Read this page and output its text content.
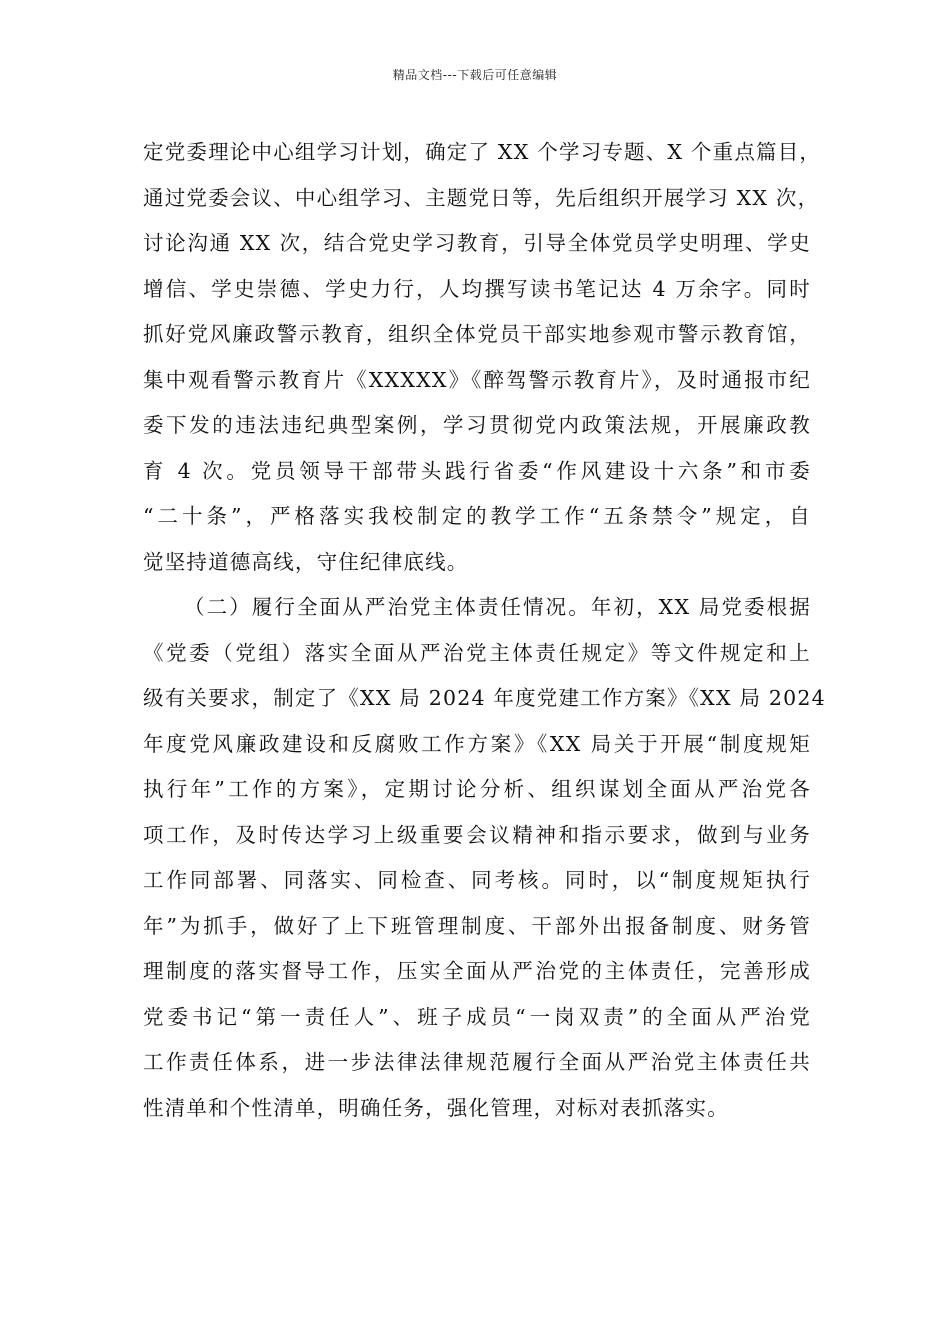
精品文档---下载后可任意编辑
定党委理论中心组学习计划，确定了 XX 个学习专题、X 个重点篇目，
通过党委会议、中心组学习、主题党日等，先后组织开展学习 XX 次，
讨论沟通 XX 次，结合党史学习教育，引导全体党员学史明理、学史
增信、学史崇德、学史力行，人均撰写读书笔记达 4 万余字。同时
抓好党风廉政警示教育，组织全体党员干部实地参观市警示教育馆，
集中观看警示教育片《XXXXX》《醉驾警示教育片》，及时通报市纪
委下发的违法违纪典型案例，学习贯彻党内政策法规，开展廉政教
育 4 次。党员领导干部带头践行省委“作风建设十六条”和市委
“二十条”，严格落实我校制定的教学工作“五条禁令”规定，自
觉坚持道德高线，守住纪律底线。
（二）履行全面从严治党主体责任情况。年初，XX 局党委根据
《党委（党组）落实全面从严治党主体责任规定》等文件规定和上
级有关要求，制定了《XX 局 2024 年度党建工作方案》《XX 局 2024
年度党风廉政建设和反腐败工作方案》《XX 局关于开展“制度规矩
执行年”工作的方案》，定期讨论分析、组织谋划全面从严治党各
项工作，及时传达学习上级重要会议精神和指示要求，做到与业务
工作同部署、同落实、同检查、同考核。同时，以“制度规矩执行
年”为抓手，做好了上下班管理制度、干部外出报备制度、财务管
理制度的落实督导工作，压实全面从严治党的主体责任，完善形成
党委书记“第一责任人”、班子成员“一岗双责”的全面从严治党
工作责任体系，进一步法律法律规范履行全面从严治党主体责任共
性清单和个性清单，明确任务，强化管理，对标对表抓落实。
